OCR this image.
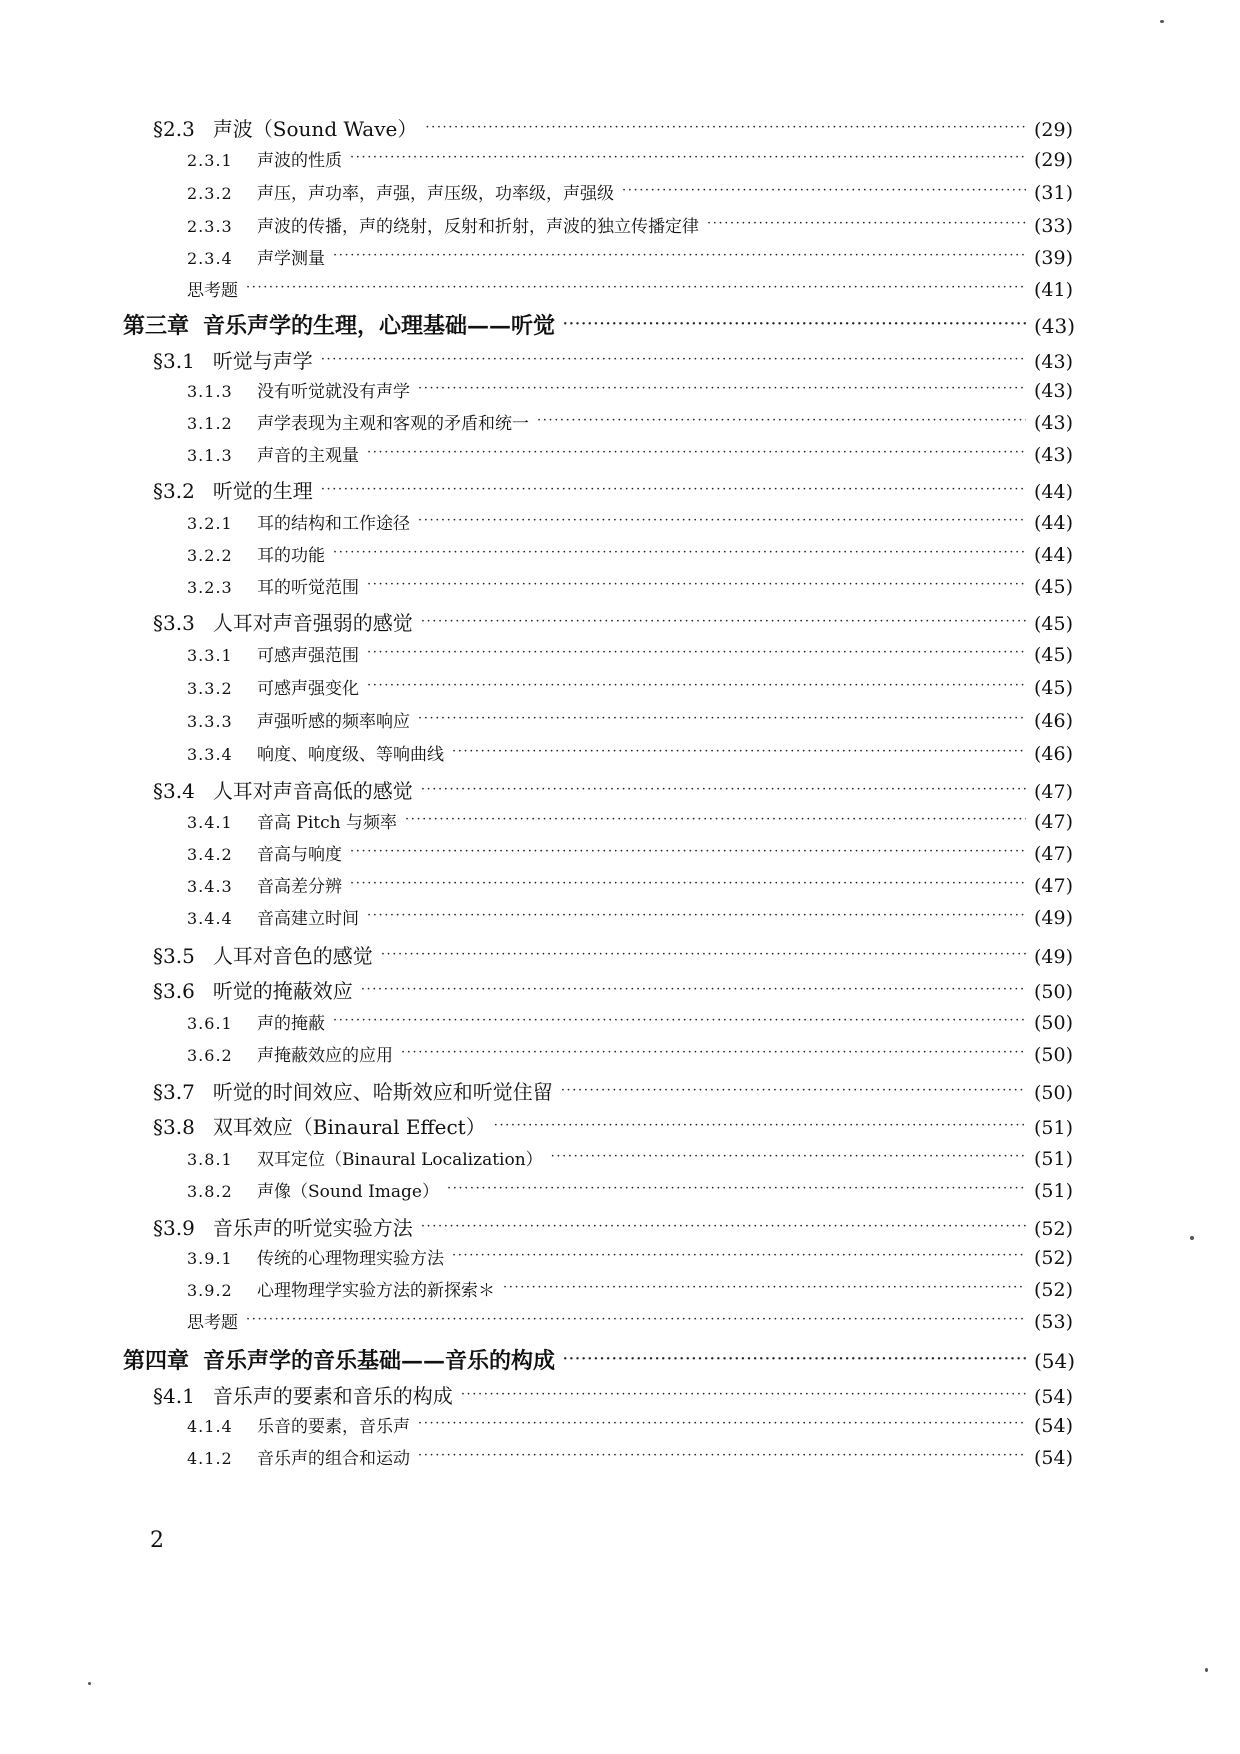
§2.3 声波（Sound Wave） ·····	(29)
2.3.1 声波的性质 ·····	(29)
2.3.2 声压，声功率，声强，声压级，功率级，声强级 ·····	(31)
2.3.3 声波的传播，声的绕射，反射和折射，声波的独立传播定律 ·····	(33)
2.3.4 声学测量 ·····	(39)
思考题 ·····	(41)
第三章 音乐声学的生理，心理基础——听觉 ·····	(43)
§3.1 听觉与声学 ·····	(43)
3.1.3 没有听觉就没有声学 ·····	(43)
3.1.2 声学表现为主观和客观的矛盾和统一 ·····	(43)
3.1.3 声音的主观量 ·····	(43)
§3.2 听觉的生理 ·····	(44)
3.2.1 耳的结构和工作途径 ·····	(44)
3.2.2 耳的功能 ·····	(44)
3.2.3 耳的听觉范围 ·····	(45)
§3.3 人耳对声音强弱的感觉 ·····	(45)
3.3.1 可感声强范围 ·····	(45)
3.3.2 可感声强变化 ·····	(45)
3.3.3 声强听感的频率响应 ·····	(46)
3.3.4 响度、响度级、等响曲线 ·····	(46)
§3.4 人耳对声音高低的感觉 ·····	(47)
3.4.1 音高 Pitch 与频率 ·····	(47)
3.4.2 音高与响度 ·····	(47)
3.4.3 音高差分辨 ·····	(47)
3.4.4 音高建立时间 ·····	(49)
§3.5 人耳对音色的感觉 ·····	(49)
§3.6 听觉的掩蔽效应 ·····	(50)
3.6.1 声的掩蔽 ·····	(50)
3.6.2 声掩蔽效应的应用 ·····	(50)
§3.7 听觉的时间效应、哈斯效应和听觉住留 ·····	(50)
§3.8 双耳效应（Binaural Effect） ·····	(51)
3.8.1 双耳定位（Binaural Localization） ·····	(51)
3.8.2 声像（Sound Image） ·····	(51)
§3.9 音乐声的听觉实验方法 ·····	(52)
3.9.1 传统的心理物理实验方法 ·····	(52)
3.9.2 心理物理学实验方法的新探索＊ ·····	(52)
思考题 ·····	(53)
第四章 音乐声学的音乐基础——音乐的构成 ·····	(54)
§4.1 音乐声的要素和音乐的构成 ·····	(54)
4.1.4 乐音的要素，音乐声 ·····	(54)
4.1.2 音乐声的组合和运动 ·····	(54)
2
